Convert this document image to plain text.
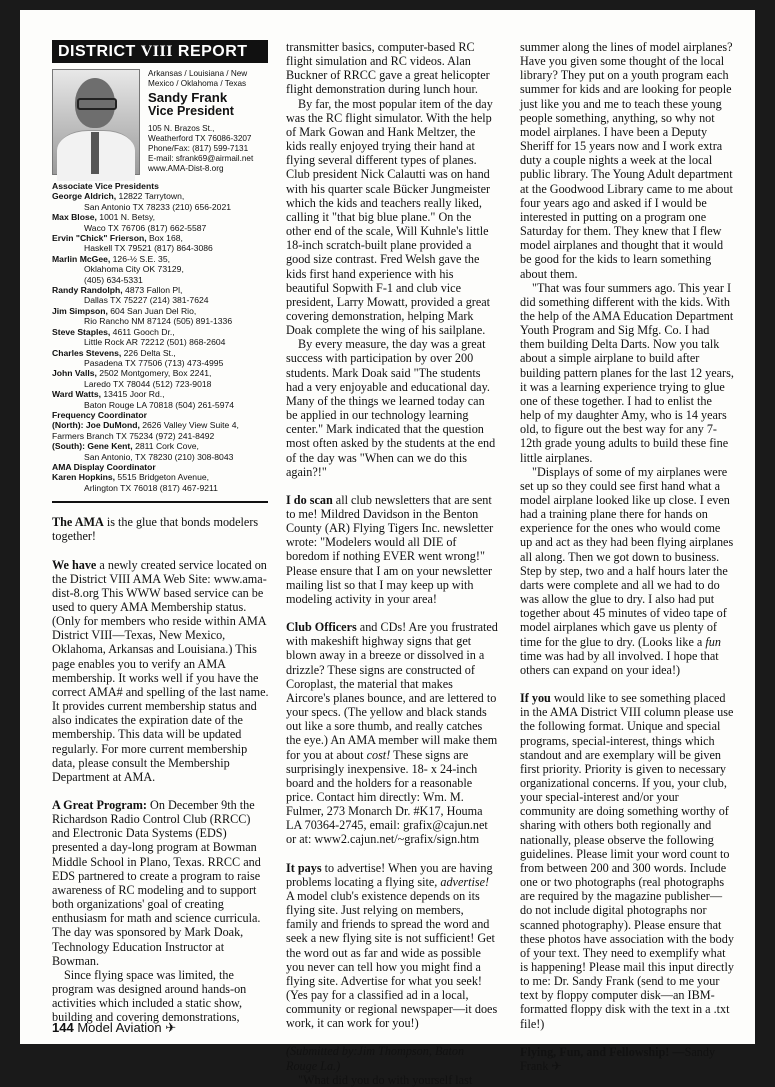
DISTRICT VIII REPORT
Arkansas / Louisiana / New Mexico / Oklahoma / Texas
Sandy Frank
Vice President
105 N. Brazos St.,
Weatherford TX 76086-3207
Phone/Fax: (817) 599-7131
E-mail: sfrank69@airmail.net
www.AMA-Dist-8.org
Associate Vice Presidents
George Aldrich, 12822 Tarrytown,
San Antonio TX 78233 (210) 656-2021
Max Blose, 1001 N. Betsy,
Waco TX 76706 (817) 662-5587
Ervin "Chick" Frierson, Box 168,
Haskell TX 79521 (817) 864-3086
Marlin McGee, 126-½ S.E. 35,
Oklahoma City OK 73129,
(405) 634-5331
Randy Randolph, 4873 Fallon Pl,
Dallas TX 75227 (214) 381-7624
Jim Simpson, 604 San Juan Del Rio,
Rio Rancho NM 87124 (505) 891-1336
Steve Staples, 4611 Gooch Dr.,
Little Rock AR 72212 (501) 868-2604
Charles Stevens, 226 Delta St.,
Pasadena TX 77506 (713) 473-4995
John Valls, 2502 Montgomery, Box 2241,
Laredo TX 78044 (512) 723-9018
Ward Watts, 13415 Joor Rd.,
Baton Rouge LA 70818 (504) 261-5974
Frequency Coordinator
(North): Joe DuMond, 2626 Valley View Suite 4,
Farmers Branch TX 75234 (972) 241-8492
(South): Gene Kent, 2811 Cork Cove,
San Antonio, TX 78230 (210) 308-8043
AMA Display Coordinator
Karen Hopkins, 5515 Bridgeton Avenue,
Arlington TX 76018 (817) 467-9211

The AMA is the glue that bonds modelers together!

We have a newly created service located on the District VIII AMA Web Site: www.ama-dist-8.org This WWW based service can be used to query AMA Membership status. (Only for members who reside within AMA District VIII—Texas, New Mexico, Oklahoma, Arkansas and Louisiana.) This page enables you to verify an AMA membership. It works well if you have the correct AMA# and spelling of the last name. It provides current membership status and also indicates the expiration date of the membership. This data will be updated regularly. For more current membership data, please consult the Membership Department at AMA.

A Great Program: On December 9th the Richardson Radio Control Club (RRCC) and Electronic Data Systems (EDS) presented a day-long program at Bowman Middle School in Plano, Texas. RRCC and EDS partnered to create a program to raise awareness of RC modeling and to support both organizations' goal of creating enthusiasm for math and science curricula. The day was sponsored by Mark Doak, Technology Education Instructor at Bowman.

Since flying space was limited, the program was designed around hands-on activities which included a static show, building and covering demonstrations,

transmitter basics, computer-based RC flight simulation and RC videos. Alan Buckner of RRCC gave a great helicopter flight demonstration during lunch hour.

By far, the most popular item of the day was the RC flight simulator. With the help of Mark Gowan and Hank Meltzer, the kids really enjoyed trying their hand at flying several different types of planes. Club president Nick Calautti was on hand with his quarter scale Bücker Jungmeister which the kids and teachers really liked, calling it "that big blue plane." On the other end of the scale, Will Kuhnle's little 18-inch scratch-built plane provided a good size contrast. Fred Welsh gave the kids first hand experience with his beautiful Sopwith F-1 and club vice president, Larry Mowatt, provided a great covering demonstration, helping Mark Doak complete the wing of his sailplane.

By every measure, the day was a great success with participation by over 200 students. Mark Doak said "The students had a very enjoyable and educational day. Many of the things we learned today can be applied in our technology learning center." Mark indicated that the question most often asked by the students at the end of the day was "When can we do this again?!"

I do scan all club newsletters that are sent to me! Mildred Davidson in the Benton County (AR) Flying Tigers Inc. newsletter wrote: "Modelers would all DIE of boredom if nothing EVER went wrong!" Please ensure that I am on your newsletter mailing list so that I may keep up with modeling activity in your area!

Club Officers and CDs! Are you frustrated with makeshift highway signs that get blown away in a breeze or dissolved in a drizzle? These signs are constructed of Coroplast, the material that makes Aircore's planes bounce, and are lettered to your specs. (The yellow and black stands out like a sore thumb, and really catches the eye.) An AMA member will make them for you at about cost! These signs are surprisingly inexpensive. 18- x 24-inch board and the holders for a reasonable price. Contact him directly: Wm. M. Fulmer, 273 Monarch Dr. #K17, Houma LA 70364-2745, email: grafix@cajun.net or at: www2.cajun.net/~grafix/sign.htm

It pays to advertise! When you are having problems locating a flying site, advertise! A model club's existence depends on its flying site. Just relying on members, family and friends to spread the word and seek a new flying site is not sufficient! Get the word out as far and wide as possible you never can tell how you might find a flying site. Advertise for what you seek! (Yes pay for a classified ad in a local, community or regional newspaper—it does work, it can work for you!)

(Submitted by:Jim Thompson, Baton Rouge La.)

"What did you do with yourself last

summer along the lines of model airplanes? Have you given some thought of the local library? They put on a youth program each summer for kids and are looking for people just like you and me to teach these young people something, anything, so why not model airplanes. I have been a Deputy Sheriff for 15 years now and I work extra duty a couple nights a week at the local public library. The Young Adult department at the Goodwood Library came to me about four years ago and asked if I would be interested in putting on a program one Saturday for them. They knew that I flew model airplanes and thought that it would be good for the kids to learn something about them.

"That was four summers ago. This year I did something different with the kids. With the help of the AMA Education Department Youth Program and Sig Mfg. Co. I had them building Delta Darts. Now you talk about a simple airplane to build after building pattern planes for the last 12 years, it was a learning experience trying to glue one of these together. I had to enlist the help of my daughter Amy, who is 14 years old, to figure out the best way for any 7-12th grade young adults to build these fine little airplanes.

"Displays of some of my airplanes were set up so they could see first hand what a model airplane looked like up close. I even had a training plane there for hands on experience for the ones who would come up and act as they had been flying airplanes all along. Then we got down to business. Step by step, two and a half hours later the darts were complete and all we had to do was allow the glue to dry. I also had put together about 45 minutes of video tape of model airplanes which gave us plenty of time for the glue to dry. (Looks like a fun time was had by all involved. I hope that others can expand on your idea!)

If you would like to see something placed in the AMA District VIII column please use the following format. Unique and special programs, special-interest, things which standout and are exemplary will be given first priority. Priority is given to necessary organizational concerns. If you, your club, your special-interest and/or your community are doing something worthy of sharing with others both regionally and nationally, please observe the following guidelines. Please limit your word count to from between 200 and 300 words. Include one or two photographs (real photographs are required by the magazine publisher—do not include digital photographs nor scanned photography). Please ensure that these photos have association with the body of your text. They need to exemplify what is happening! Please mail this input directly to me: Dr. Sandy Frank (send to me your text by floppy computer disk—an IBM-formatted floppy disk with the text in a .txt file!)

Flying, Fun, and Fellowship! —Sandy Frank ✈

144 Model Aviation ✈
